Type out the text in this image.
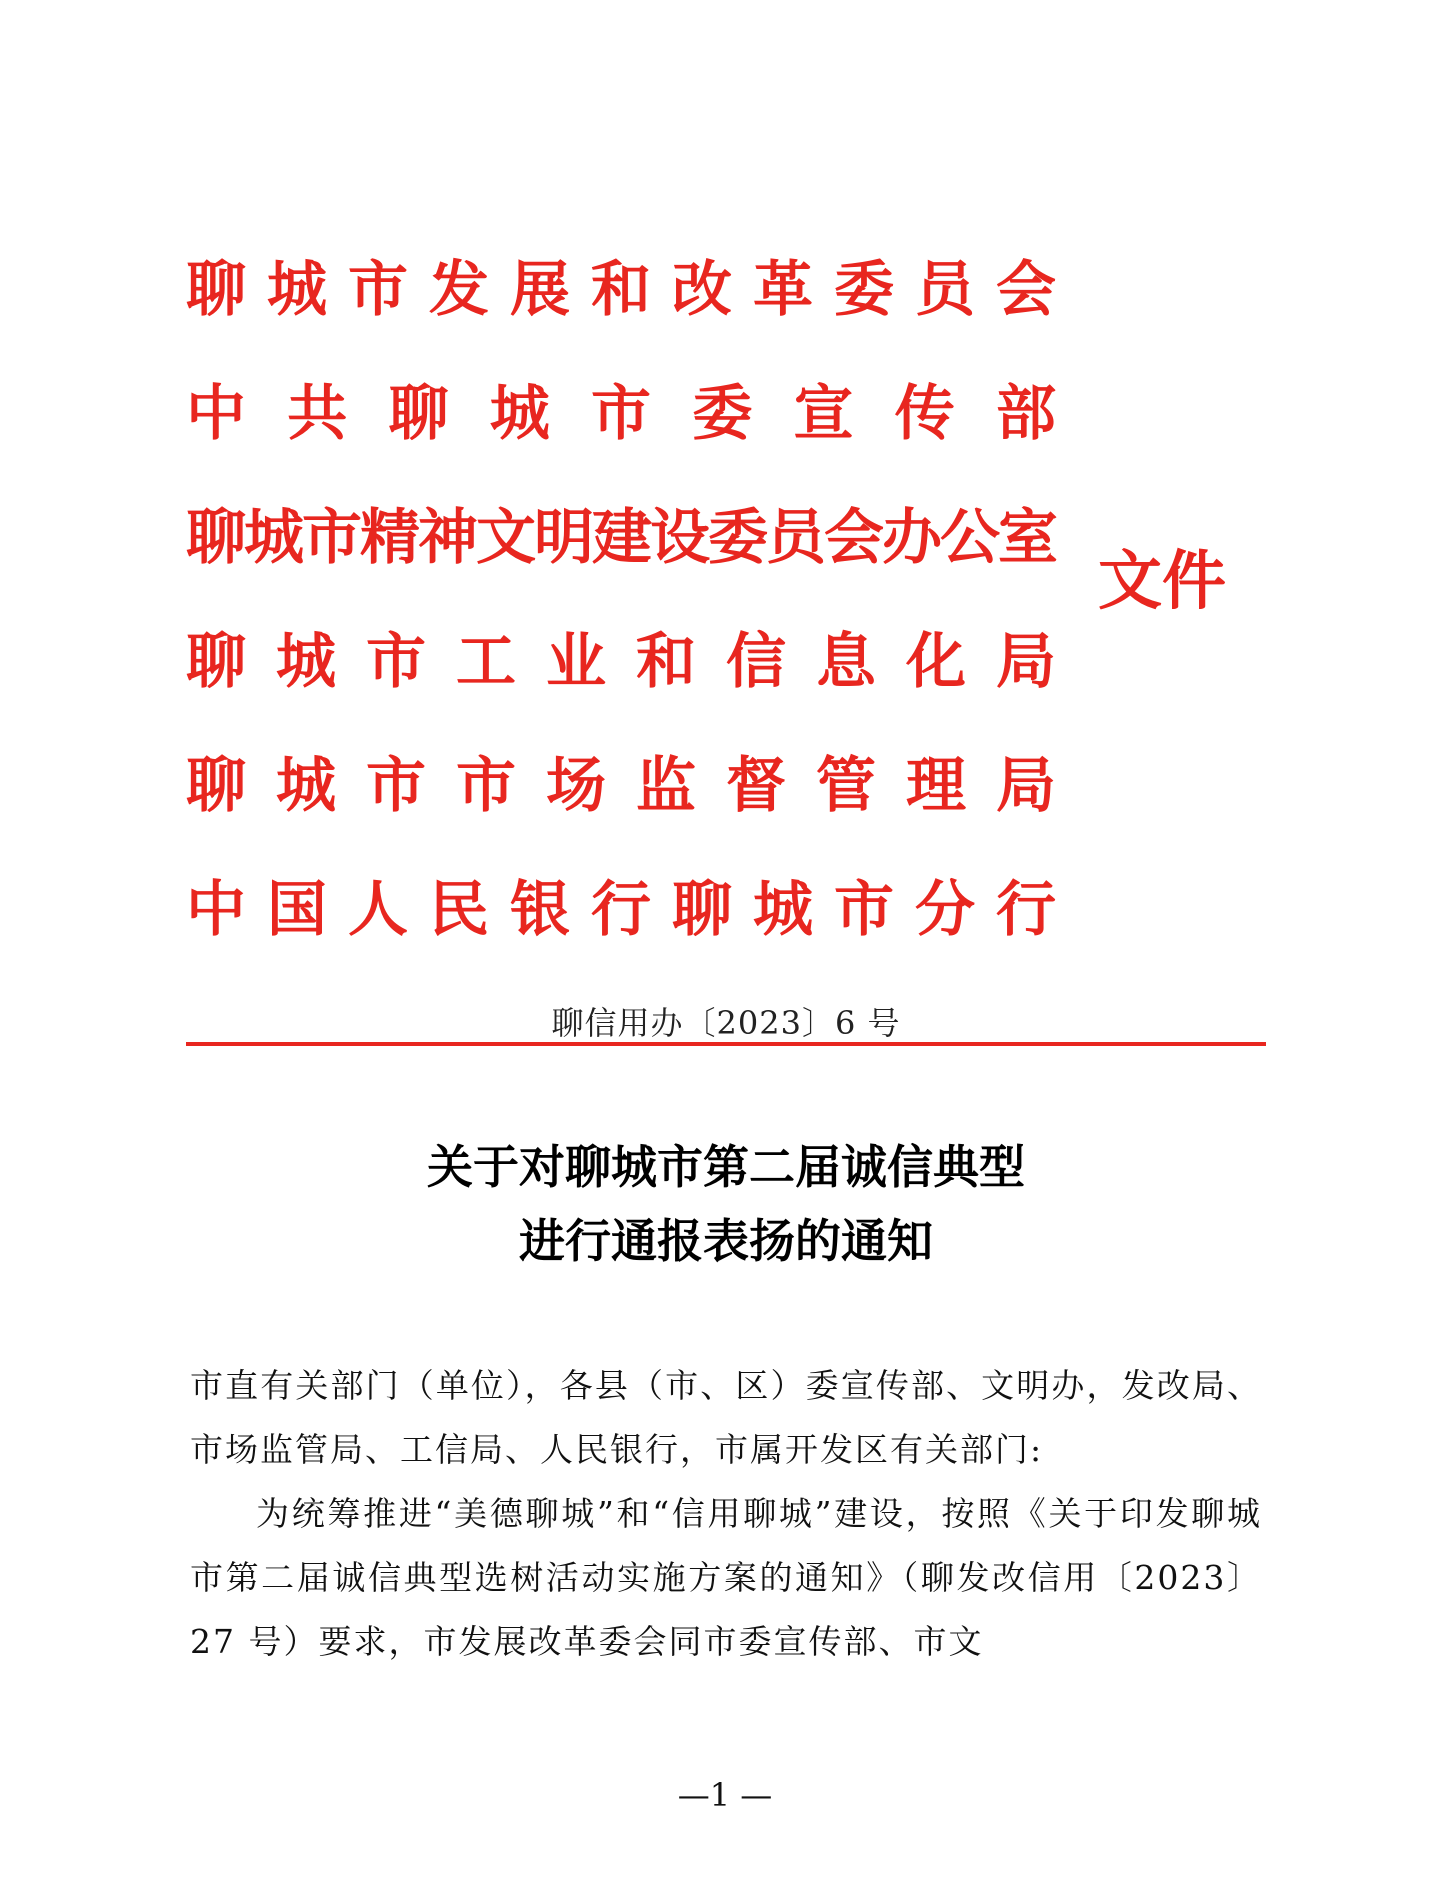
聊城市发展和改革委员会
中共聊城市委宣传部
聊城市精神文明建设委员会办公室
聊城市工业和信息化局
聊城市市场监督管理局
中国人民银行聊城市分行
文件
聊信用办〔2023〕6 号
关于对聊城市第二届诚信典型
进行通报表扬的通知

市直有关部门（单位），各县（市、区）委宣传部、文明办，发改局、市场监管局、工信局、人民银行，市属开发区有关部门:

为统筹推进“美德聊城”和“信用聊城”建设，按照《关于印发聊城市第二届诚信典型选树活动实施方案的通知》（聊发改信用〔2023〕27 号）要求，市发展改革委会同市委宣传部、市文

—1 —
